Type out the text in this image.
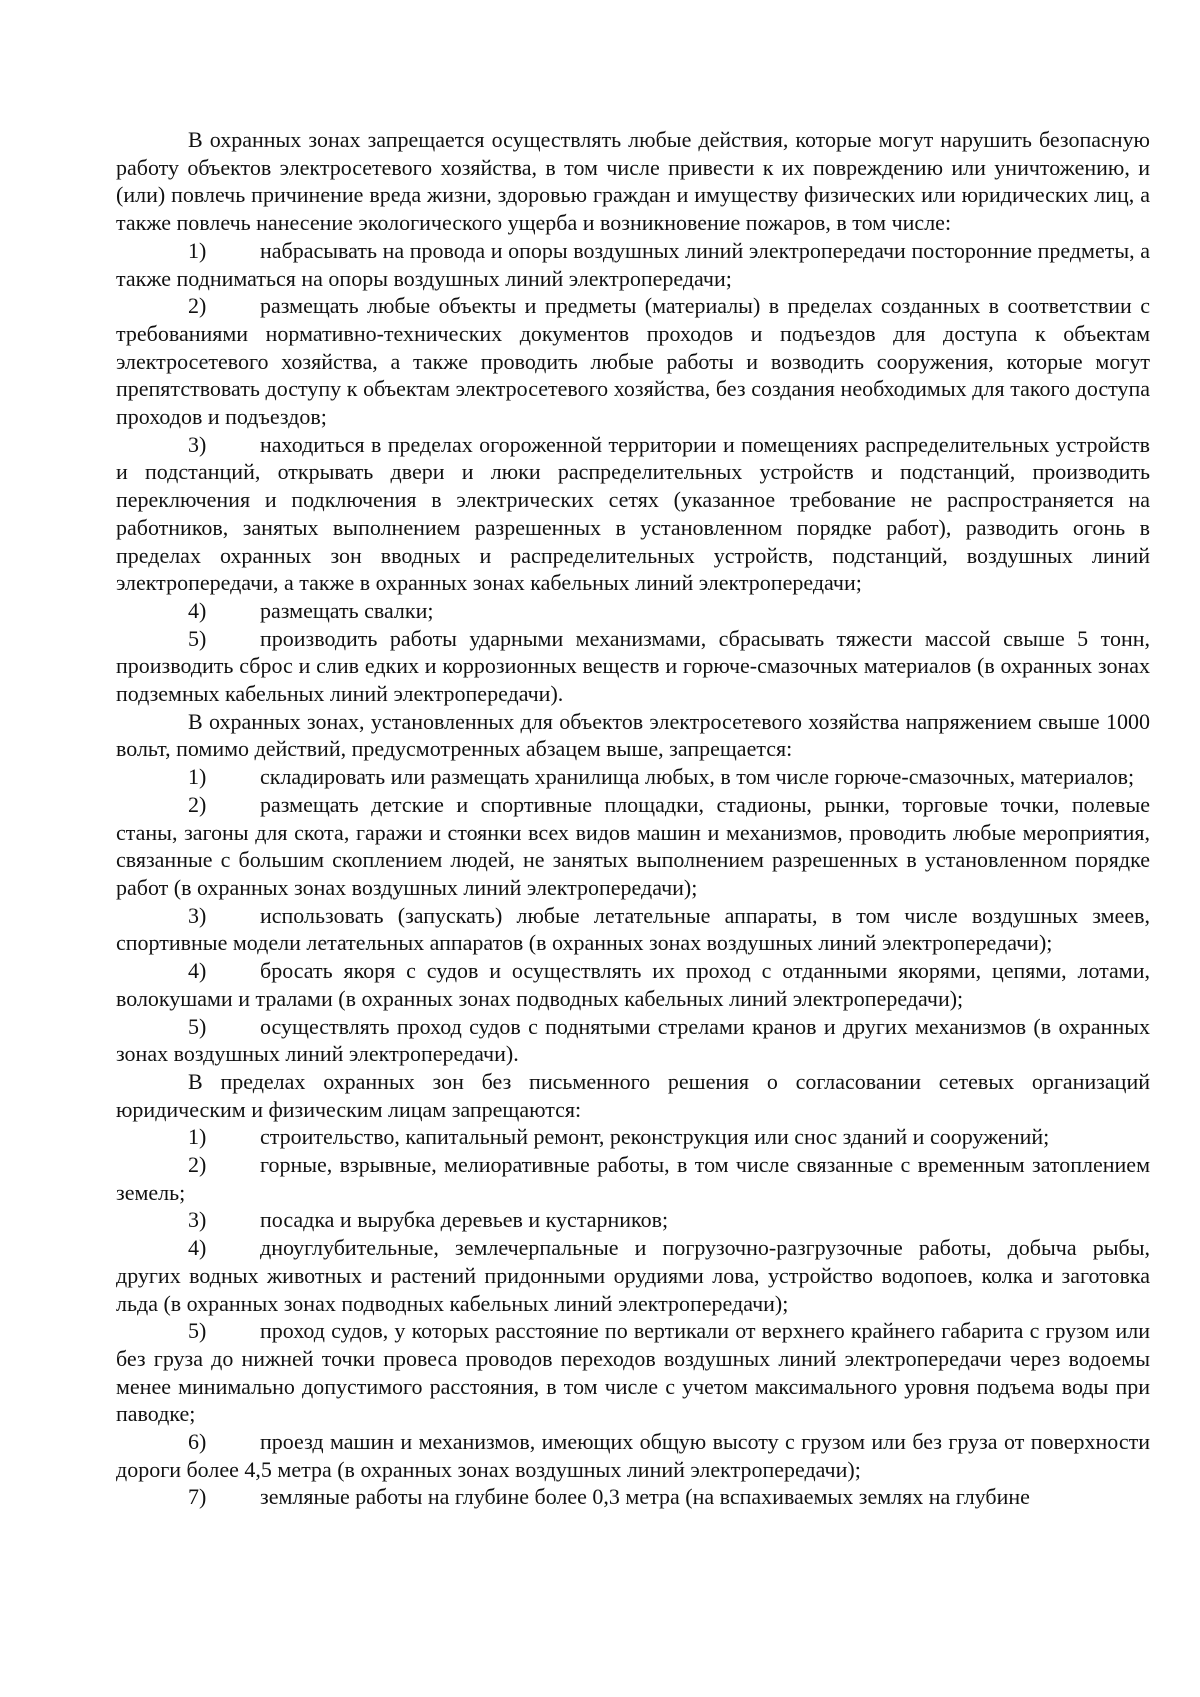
В охранных зонах запрещается осуществлять любые действия, которые могут нарушить безопасную работу объектов электросетевого хозяйства, в том числе привести к их повреждению или уничтожению, и (или) повлечь причинение вреда жизни, здоровью граждан и имуществу физических или юридических лиц, а также повлечь нанесение экологического ущерба и возникновение пожаров, в том числе:

1) набрасывать на провода и опоры воздушных линий электропередачи посторонние предметы, а также подниматься на опоры воздушных линий электропередачи;

2) размещать любые объекты и предметы (материалы) в пределах созданных в соответствии с требованиями нормативно-технических документов проходов и подъездов для доступа к объектам электросетевого хозяйства, а также проводить любые работы и возводить сооружения, которые могут препятствовать доступу к объектам электросетевого хозяйства, без создания необходимых для такого доступа проходов и подъездов;

3) находиться в пределах огороженной территории и помещениях распределительных устройств и подстанций, открывать двери и люки распределительных устройств и подстанций, производить переключения и подключения в электрических сетях (указанное требование не распространяется на работников, занятых выполнением разрешенных в установленном порядке работ), разводить огонь в пределах охранных зон вводных и распределительных устройств, подстанций, воздушных линий электропередачи, а также в охранных зонах кабельных линий электропередачи;

4) размещать свалки;

5) производить работы ударными механизмами, сбрасывать тяжести массой свыше 5 тонн, производить сброс и слив едких и коррозионных веществ и горюче-смазочных материалов (в охранных зонах подземных кабельных линий электропередачи).

В охранных зонах, установленных для объектов электросетевого хозяйства напряжением свыше 1000 вольт, помимо действий, предусмотренных абзацем выше, запрещается:

1) складировать или размещать хранилища любых, в том числе горюче-смазочных, материалов;

2) размещать детские и спортивные площадки, стадионы, рынки, торговые точки, полевые станы, загоны для скота, гаражи и стоянки всех видов машин и механизмов, проводить любые мероприятия, связанные с большим скоплением людей, не занятых выполнением разрешенных в установленном порядке работ (в охранных зонах воздушных линий электропередачи);

3) использовать (запускать) любые летательные аппараты, в том числе воздушных змеев, спортивные модели летательных аппаратов (в охранных зонах воздушных линий электропередачи);

4) бросать якоря с судов и осуществлять их проход с отданными якорями, цепями, лотами, волокушами и тралами (в охранных зонах подводных кабельных линий электропередачи);

5) осуществлять проход судов с поднятыми стрелами кранов и других механизмов (в охранных зонах воздушных линий электропередачи).

В пределах охранных зон без письменного решения о согласовании сетевых организаций юридическим и физическим лицам запрещаются:

1) строительство, капитальный ремонт, реконструкция или снос зданий и сооружений;

2) горные, взрывные, мелиоративные работы, в том числе связанные с временным затоплением земель;

3) посадка и вырубка деревьев и кустарников;

4) дноуглубительные, землечерпальные и погрузочно-разгрузочные работы, добыча рыбы, других водных животных и растений придонными орудиями лова, устройство водопоев, колка и заготовка льда (в охранных зонах подводных кабельных линий электропередачи);

5) проход судов, у которых расстояние по вертикали от верхнего крайнего габарита с грузом или без груза до нижней точки провеса проводов переходов воздушных линий электропередачи через водоемы менее минимально допустимого расстояния, в том числе с учетом максимального уровня подъема воды при паводке;

6) проезд машин и механизмов, имеющих общую высоту с грузом или без груза от поверхности дороги более 4,5 метра (в охранных зонах воздушных линий электропередачи);

7) земляные работы на глубине более 0,3 метра (на вспахиваемых землях на глубине
